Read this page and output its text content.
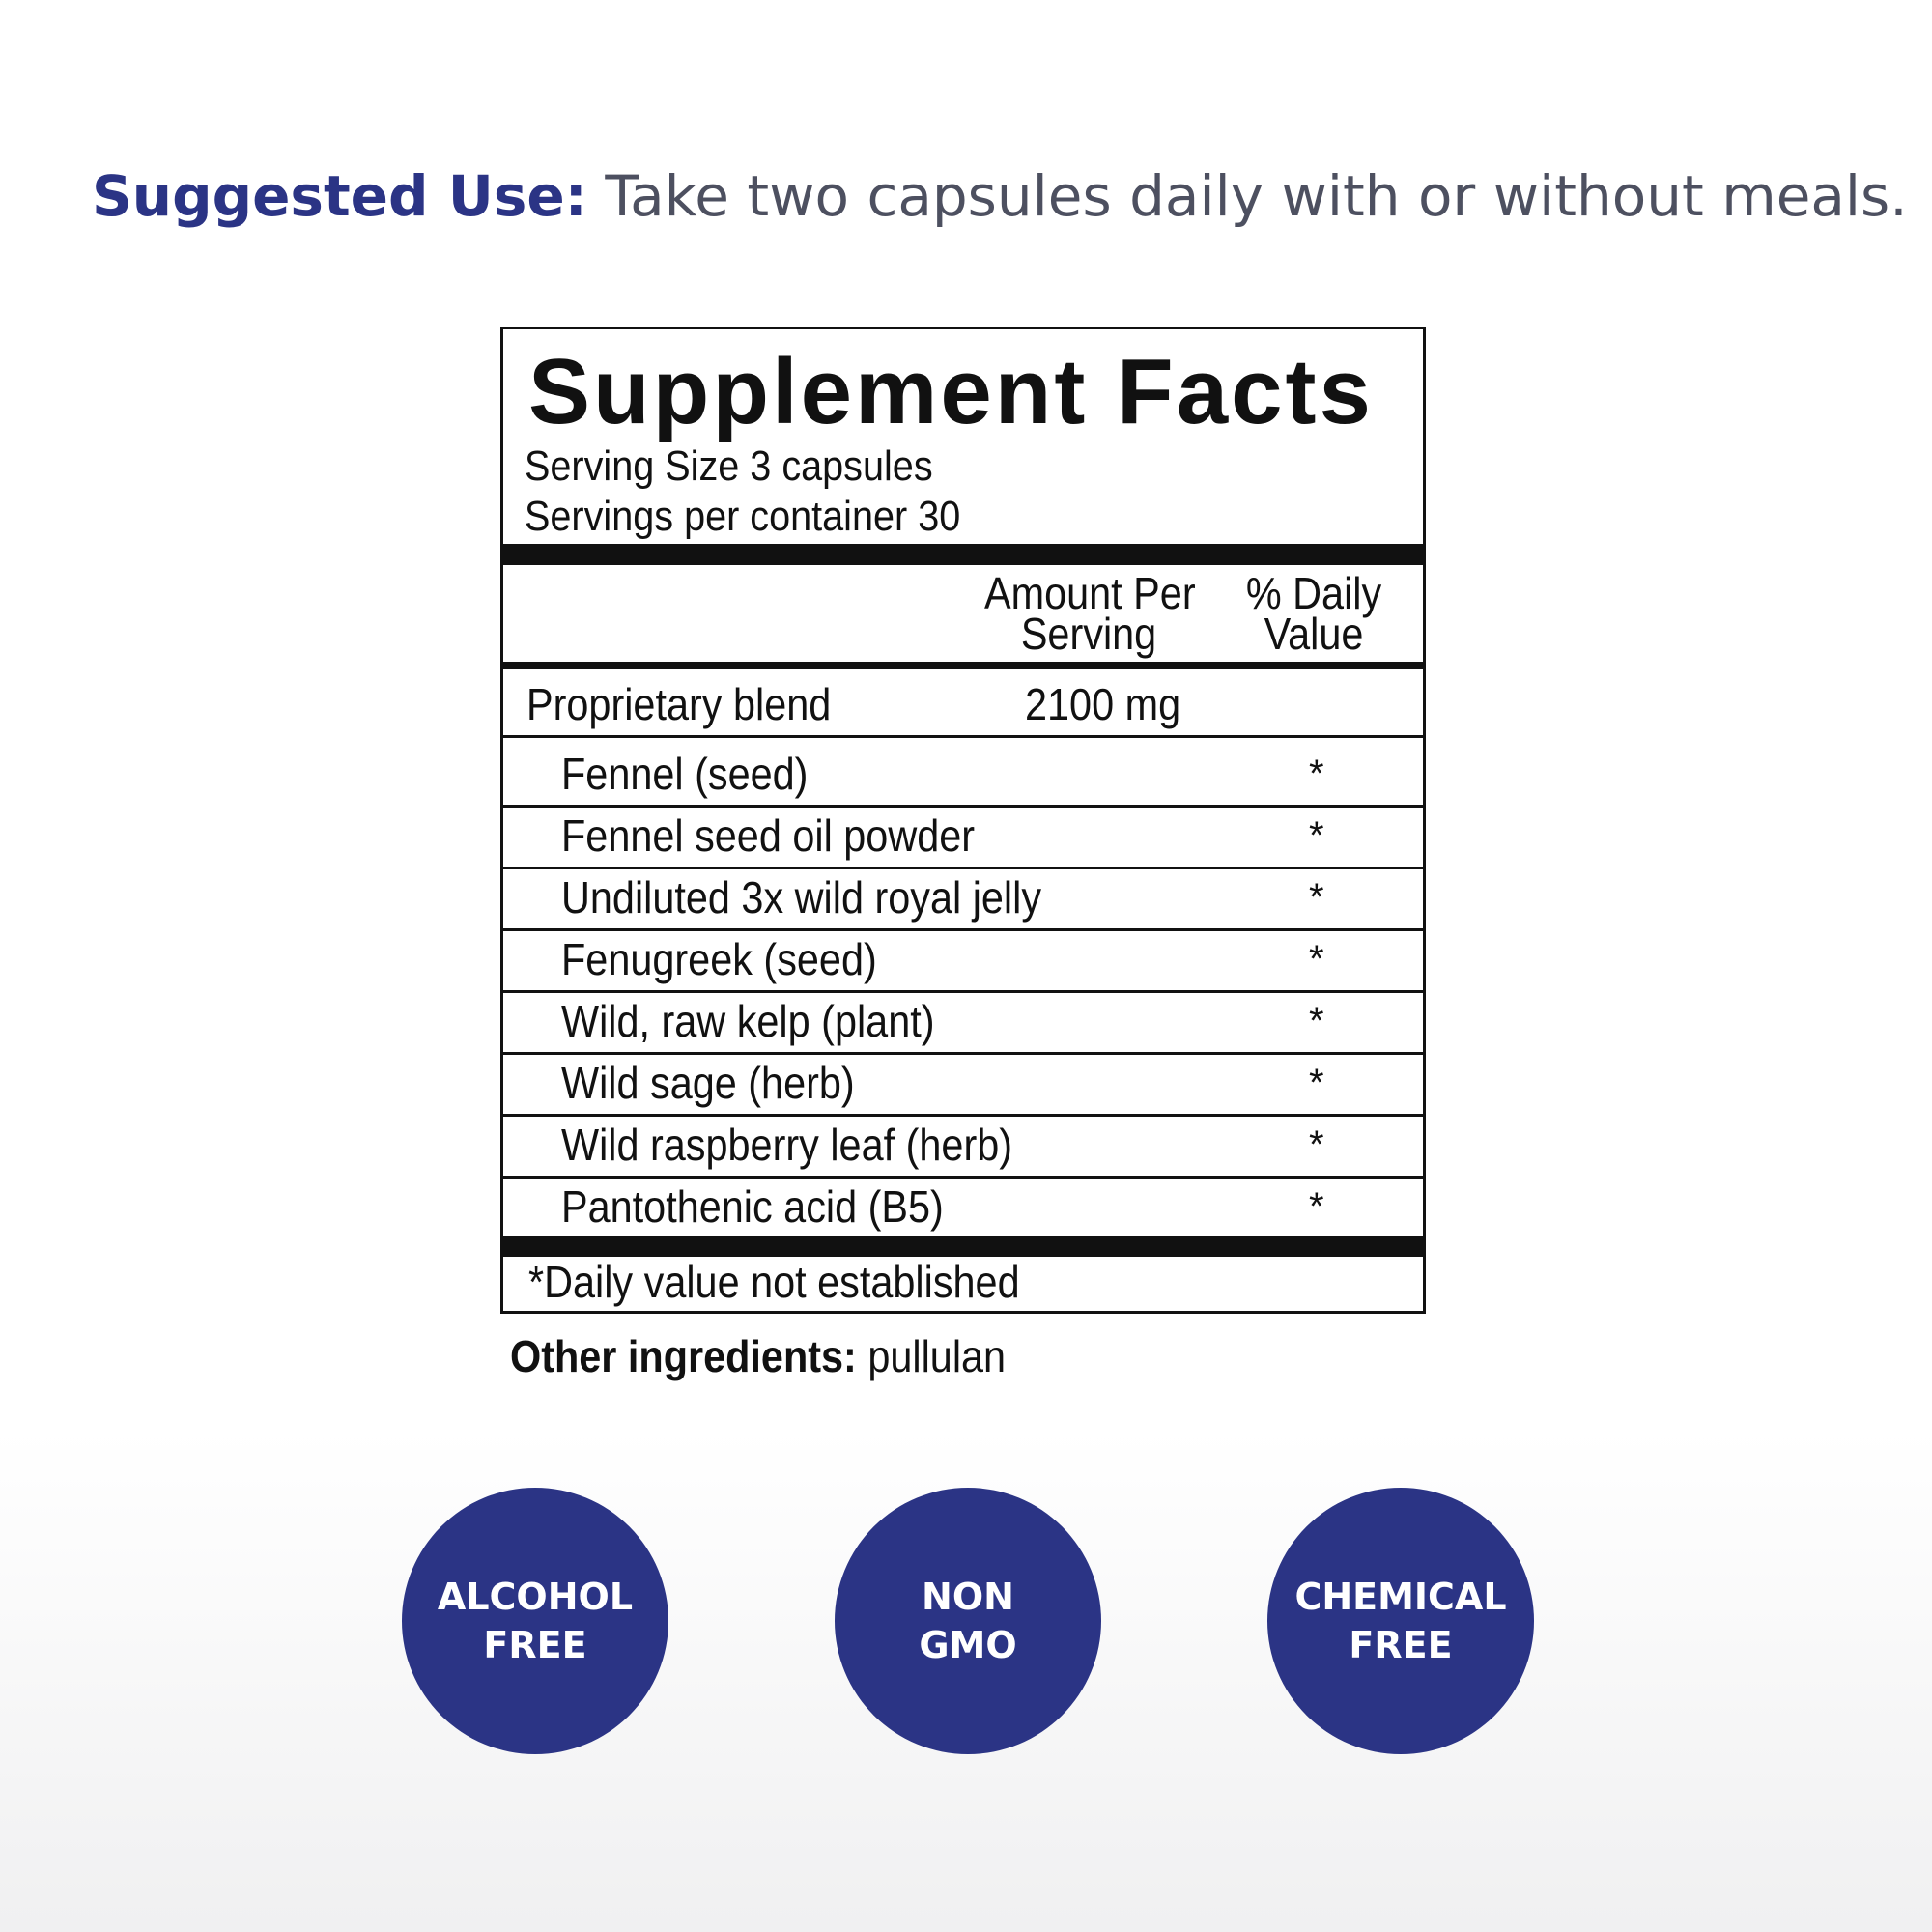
Suggested Use: Take two capsules daily with or without meals.
Supplement Facts
Serving Size 3 capsules
Servings per container 30
Amount Per
Serving
% Daily
Value
Proprietary blend	2100 mg
Fennel (seed)	*
Fennel seed oil powder	*
Undiluted 3x wild royal jelly	*
Fenugreek (seed)	*
Wild, raw kelp (plant)	*
Wild sage (herb)	*
Wild raspberry leaf (herb)	*
Pantothenic acid (B5)	*
*Daily value not established
Other ingredients: pullulan
ALCOHOL
FREE
NON
GMO
CHEMICAL
FREE
